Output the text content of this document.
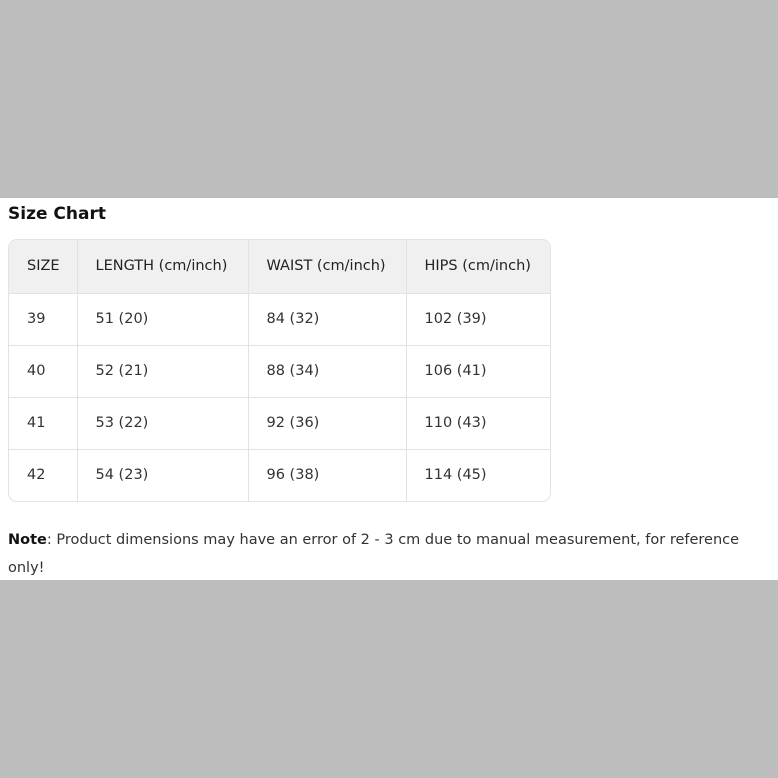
Size Chart
SIZE	LENGTH (cm/inch)	WAIST (cm/inch)	HIPS (cm/inch)
39	51 (20)	84 (32)	102 (39)
40	52 (21)	88 (34)	106 (41)
41	53 (22)	92 (36)	110 (43)
42	54 (23)	96 (38)	114 (45)
Note: Product dimensions may have an error of 2 - 3 cm due to manual measurement, for reference only!
